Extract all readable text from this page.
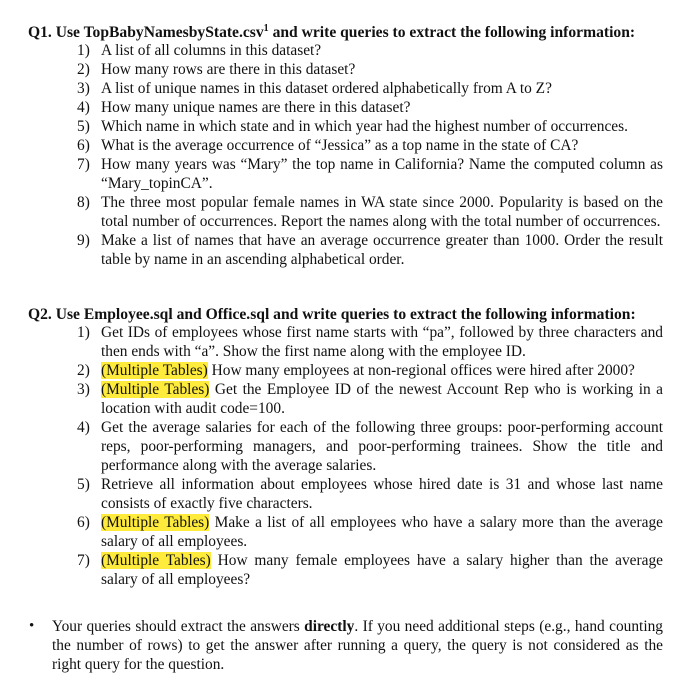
Q1. Use TopBabyNamesbyState.csv$^1$ and write queries to extract the following information:
1) A list of all columns in this dataset?
2) How many rows are there in this dataset?
3) A list of unique names in this dataset ordered alphabetically from A to Z?
4) How many unique names are there in this dataset?
5) Which name in which state and in which year had the highest number of occurrences.
6) What is the average occurrence of “Jessica” as a top name in the state of CA?
7) How many years was “Mary” the top name in California? Name the computed column as “Mary_topinCA”.
8) The three most popular female names in WA state since 2000. Popularity is based on the total number of occurrences. Report the names along with the total number of occurrences.
9) Make a list of names that have an average occurrence greater than 1000. Order the result table by name in an ascending alphabetical order.
Q2. Use Employee.sql and Office.sql and write queries to extract the following information:
1) Get IDs of employees whose first name starts with “pa”, followed by three characters and then ends with “a”. Show the first name along with the employee ID.
2) (Multiple Tables) How many employees at non-regional offices were hired after 2000?
3) (Multiple Tables) Get the Employee ID of the newest Account Rep who is working in a location with audit code=100.
4) Get the average salaries for each of the following three groups: poor-performing account reps, poor-performing managers, and poor-performing trainees. Show the title and performance along with the average salaries.
5) Retrieve all information about employees whose hired date is 31 and whose last name consists of exactly five characters.
6) (Multiple Tables) Make a list of all employees who have a salary more than the average salary of all employees.
7) (Multiple Tables) How many female employees have a salary higher than the average salary of all employees?
•	Your queries should extract the answers directly. If you need additional steps (e.g., hand counting the number of rows) to get the answer after running a query, the query is not considered as the right query for the question.
